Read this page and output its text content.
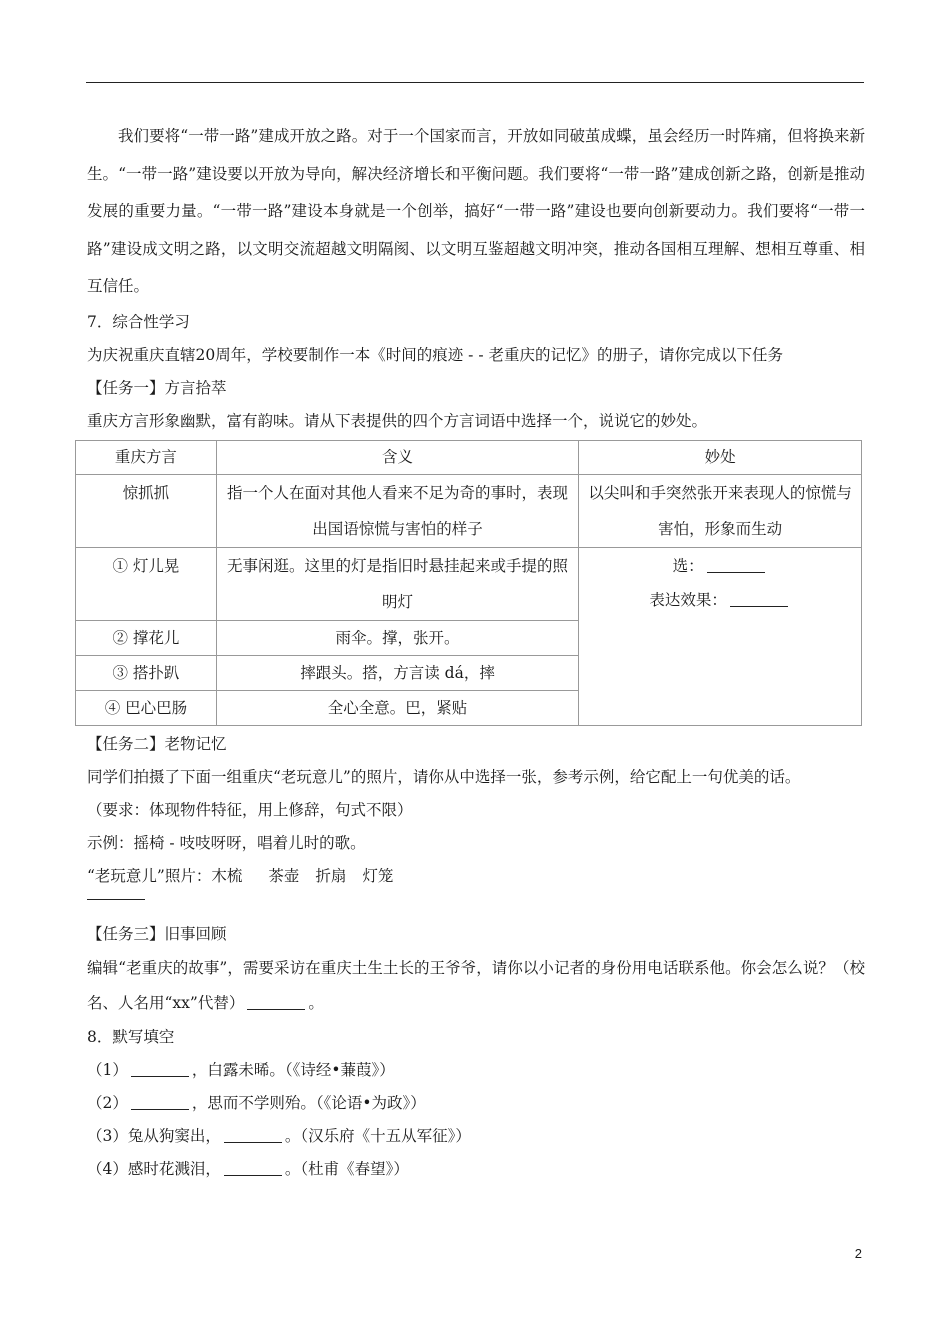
我们要将“一带一路”建成开放之路。对于一个国家而言，开放如同破茧成蝶，虽会经历一时阵痛，但将换来新生。“一带一路”建设要以开放为导向，解决经济增长和平衡问题。我们要将“一带一路”建成创新之路，创新是推动发展的重要力量。“一带一路”建设本身就是一个创举，搞好“一带一路”建设也要向创新要动力。我们要将“一带一路”建设成文明之路，以文明交流超越文明隔阂、以文明互鉴超越文明冲突，推动各国相互理解、想相互尊重、相互信任。

7．综合性学习

为庆祝重庆直辖20周年，学校要制作一本《时间的痕迹 - - 老重庆的记忆》的册子，请你完成以下任务

【任务一】方言拾萃

重庆方言形象幽默，富有韵味。请从下表提供的四个方言词语中选择一个，说说它的妙处。

重庆方言	含义	妙处
惊抓抓	指一个人在面对其他人看来不足为奇的事时，表现出国语惊慌与害怕的样子	以尖叫和手突然张开来表现人的惊慌与害怕，形象而生动
① 灯儿晃	无事闲逛。这里的灯是指旧时悬挂起来或手提的照明灯	选：
表达效果：

② 撑花儿	雨伞。撑，张开。	
③ 搭扑趴	摔跟头。搭，方言读 dá，摔	
④ 巴心巴肠	全心全意。巴，紧贴	

【任务二】老物记忆

同学们拍摄了下面一组重庆“老玩意儿”的照片，请你从中选择一张，参考示例，给它配上一句优美的话。

（要求：体现物件特征，用上修辞，句式不限）

示例：摇椅 - 吱吱呀呀，唱着儿时的歌。

“老玩意儿”照片：木梳 茶壶 折扇 灯笼

【任务三】旧事回顾

编辑“老重庆的故事”，需要采访在重庆土生土长的王爷爷，请你以小记者的身份用电话联系他。你会怎么说？（校名、人名用“xx”代替）	。

8．默写填空

（1）	，白露未晞。（《诗经•蒹葭》）

（2）	，思而不学则殆。（《论语•为政》）

（3）兔从狗窦出，	。（汉乐府《十五从军征》）

（4）感时花溅泪，	。（杜甫《春望》）

2
